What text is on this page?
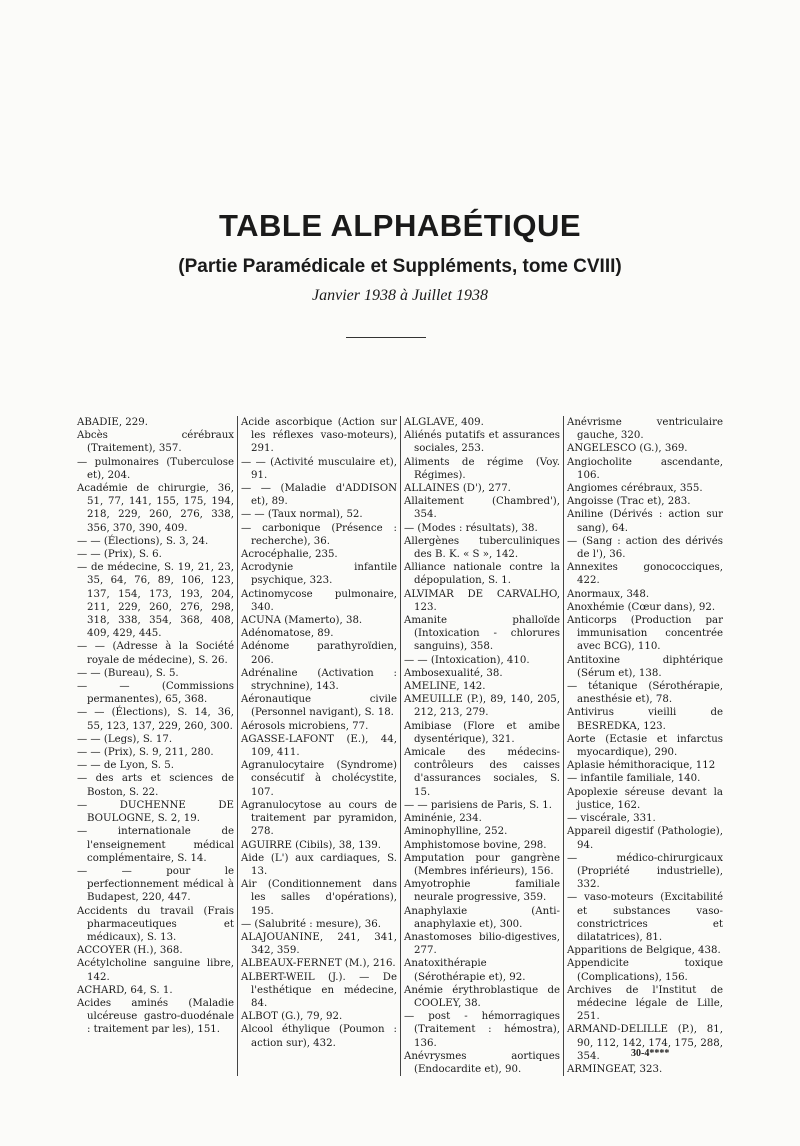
TABLE ALPHABÉTIQUE
(Partie Paramédicale et Suppléments, tome CVIII)
Janvier 1938 à Juillet 1938
ABADIE, 229.
Abcès cérébraux (Traitement), 357.
— pulmonaires (Tuberculose et), 204.
Académie de chirurgie, 36, 51, 77, 141, 155, 175, 194, 218, 229, 260, 276, 338, 356, 370, 390, 409.
— — (Élections), S. 3, 24.
— — (Prix), S. 6.
— de médecine, S. 19, 21, 23, 35, 64, 76, 89, 106, 123, 137, 154, 173, 193, 204, 211, 229, 260, 276, 298, 318, 338, 354, 368, 408, 409, 429, 445.
— — (Adresse à la Société royale de médecine), S. 26.
— — (Bureau), S. 5.
— — (Commissions permanentes), 65, 368.
— — (Élections), S. 14, 36, 55, 123, 137, 229, 260, 300.
— — (Legs), S. 17.
— — (Prix), S. 9, 211, 280.
— — de Lyon, S. 5.
— des arts et sciences de Boston, S. 22.
— DUCHENNE DE BOULOGNE, S. 2, 19.
— internationale de l'enseignement médical complémentaire, S. 14.
— — pour le perfectionnement médical à Budapest, 220, 447.
Accidents du travail (Frais pharmaceutiques et médicaux), S. 13.
ACCOYER (H.), 368.
Acétylcholine sanguine libre, 142.
ACHARD, 64, S. 1.
Acides aminés (Maladie ulcéreuse gastro-duodénale : traitement par les), 151.
Acide ascorbique (Action sur les réflexes vaso-moteurs), 291.
— — (Activité musculaire et), 91.
— — (Maladie d'ADDISON et), 89.
— — (Taux normal), 52.
— carbonique (Présence : recherche), 36.
Acrocéphalie, 235.
Acrodynie infantile psychique, 323.
Actinomycose pulmonaire, 340.
ACUNA (Mamerto), 38.
Adénomatose, 89.
Adénome parathyroïdien, 206.
Adrénaline (Activation : strychnine), 143.
Aéronautique civile (Personnel navigant), S. 18.
Aérosols microbiens, 77.
AGASSE-LAFONT (E.), 44, 109, 411.
Agranulocytaire (Syndrome) consécutif à cholécystite, 107.
Agranulocytose au cours de traitement par pyramidon, 278.
AGUIRRE (Cibils), 38, 139.
Aide (L') aux cardiaques, S. 13.
Air (Conditionnement dans les salles d'opérations), 195.
— (Salubrité : mesure), 36.
ALAJOUANINE, 241, 341, 342, 359.
ALBEAUX-FERNET (M.), 216.
ALBERT-WEIL (J.). — De l'esthétique en médecine, 84.
ALBOT (G.), 79, 92.
Alcool éthylique (Poumon : action sur), 432.
ALGLAVE, 409.
Aliénés putatifs et assurances sociales, 253.
Aliments de régime (Voy. Régimes).
ALLAINES (D'), 277.
Allaitement (Chambred'), 354.
— (Modes : résultats), 38.
Allergènes tuberculiniques des B. K. « S », 142.
Alliance nationale contre la dépopulation, S. 1.
ALVIMAR DE CARVALHO, 123.
Amanite phalloïde (Intoxication - chlorures sanguins), 358.
— — (Intoxication), 410.
Ambosexualité, 38.
AMELINE, 142.
AMEUILLE (P.), 89, 140, 205, 212, 213, 279.
Amibiase (Flore et amibe dysentérique), 321.
Amicale des médecins-contrôleurs des caisses d'assurances sociales, S. 15.
— — parisiens de Paris, S. 1.
Aminénie, 234.
Aminophylline, 252.
Amphistomose bovine, 298.
Amputation pour gangrène (Membres inférieurs), 156.
Amyotrophie familiale neurale progressive, 359.
Anaphylaxie (Anti-anaphylaxie et), 300.
Anastomoses bilio-digestives, 277.
Anatoxithérapie (Sérothérapie et), 92.
Anémie érythroblastique de COOLEY, 38.
— post - hémorragiques (Traitement : hémostra), 136.
Anévrysmes aortiques (Endocardite et), 90.
Anévrisme ventriculaire gauche, 320.
ANGELESCO (G.), 369.
Angiocholite ascendante, 106.
Angiomes cérébraux, 355.
Angoisse (Trac et), 283.
Aniline (Dérivés : action sur sang), 64.
— (Sang : action des dérivés de l'), 36.
Annexites gonococciques, 422.
Anormaux, 348.
Anoxhémie (Cœur dans), 92.
Anticorps (Production par immunisation concentrée avec BCG), 110.
Antitoxine diphtérique (Sérum et), 138.
— tétanique (Sérothérapie, anesthésie et), 78.
Antivirus vieilli de BESREDKA, 123.
Aorte (Ectasie et infarctus myocardique), 290.
Aplasie hémithoracique, 112
— infantile familiale, 140.
Apoplexie séreuse devant la justice, 162.
— viscérale, 331.
Appareil digestif (Pathologie), 94.
— médico-chirurgicaux (Propriété industrielle), 332.
— vaso-moteurs (Excitabilité et substances vaso-constrictrices et dilatatrices), 81.
Apparitions de Belgique, 438.
Appendicite toxique (Complications), 156.
Archives de l'Institut de médecine légale de Lille, 251.
ARMAND-DELILLE (P.), 81, 90, 112, 142, 174, 175, 288, 354.
ARMINGEAT, 323.
30-4****
